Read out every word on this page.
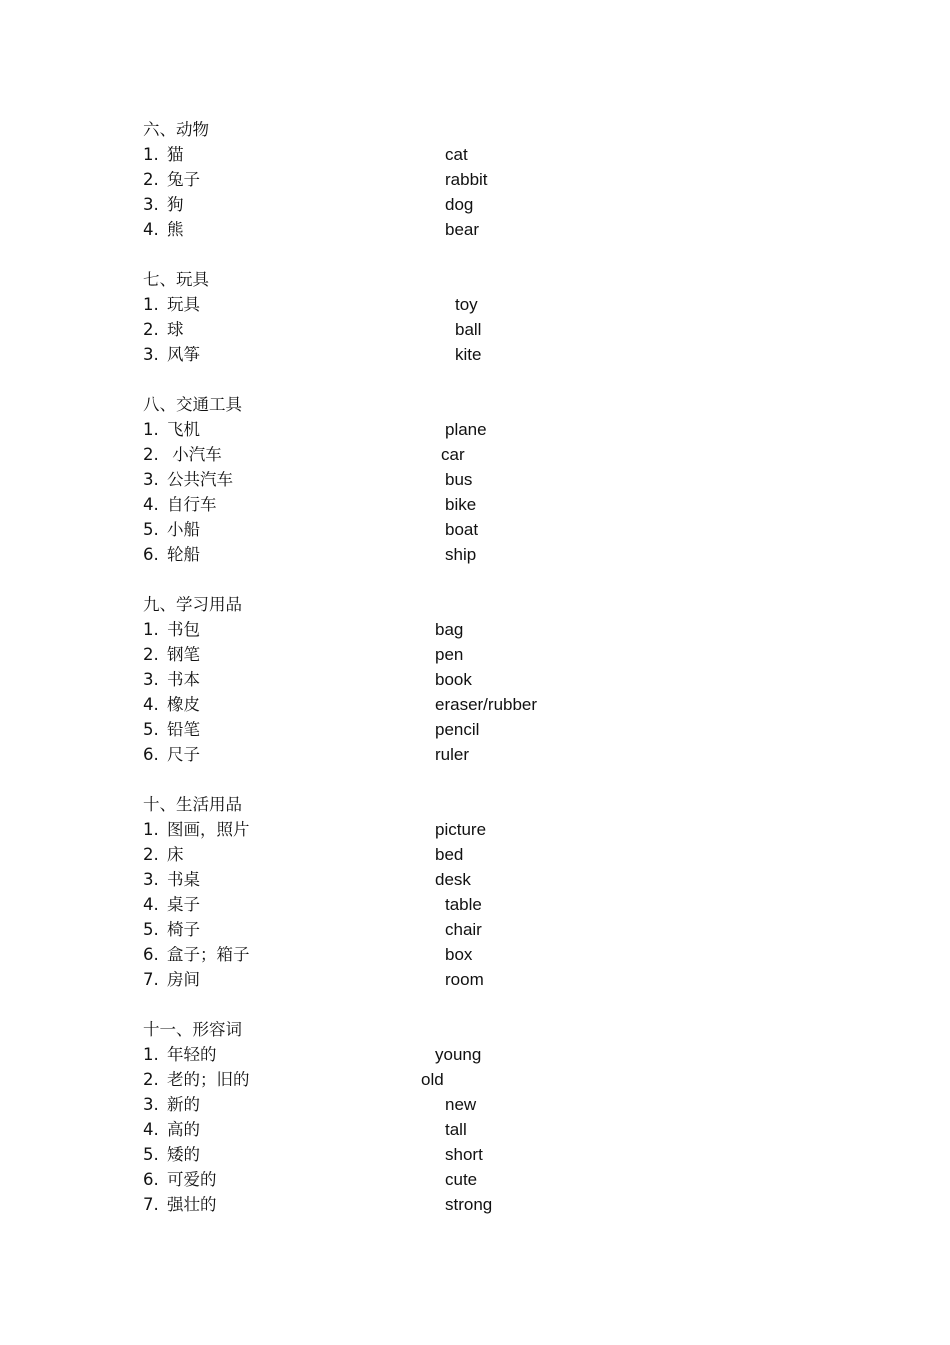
六、动物
1. 猫	cat
2. 兔子	rabbit
3. 狗	dog
4. 熊	bear
七、玩具
1. 玩具	toy
2. 球	ball
3. 风筝	kite
八、交通工具
1. 飞机	plane
2. 小汽车	car
3. 公共汽车	bus
4. 自行车	bike
5. 小船	boat
6. 轮船	ship
九、学习用品
1. 书包	bag
2. 钢笔	pen
3. 书本	book
4. 橡皮	eraser/rubber
5. 铅笔	pencil
6. 尺子	ruler
十、生活用品
1. 图画，照片	picture
2. 床	bed
3. 书桌	desk
4. 桌子	table
5. 椅子	chair
6. 盒子；箱子	box
7. 房间	room
十一、形容词
1. 年轻的	young
2. 老的；旧的	old
3. 新的	new
4. 高的	tall
5. 矮的	short
6. 可爱的	cute
7. 强壮的	strong
